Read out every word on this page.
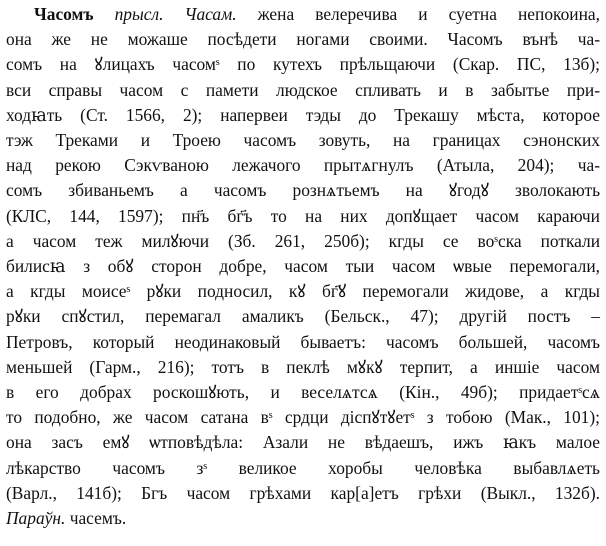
Часомъ прысл. Часам. жена велеречива и суетна непокоина,
она же не можаше посѣдети ногами своими. Часомъ вънѣ ча-
сомъ на ꙋлицахъ часомˢ по кутехъ прѣльщаючи (Скар. ПС, 13б);
вси справы часом с памети людское спливать и в забытье при-
ходꙗть (Ст. 1566, 2); напервеи тэды до Трекашу мѣста, которое
тэж Треками и Троею часомъ зовуть, на границах сэнонских
над рекою Сэкѵваною лежачого прытѧгнулъ (Атыла, 204); ча-
сомъ збиваньемъ а часомъ рознѧтьемъ на ꙋгодꙋ зволокають
(КЛС, 144, 1597); пн҃ъ бг҃ъ то на них допꙋщает часом караючи
а часом теж милꙋючи (Зб. 261, 250б); кгды се воˢска поткали
билисꙗ з обꙋ сторон добре, часом тыи часом ѡвые перемогали,
а кгды моисеˢ рꙋки подносил, кꙋ бг҃ꙋ перемогали жидове, а кгды
рꙋки спꙋстил, перемагал амаликъ (Бельск., 47); другій постъ –
Петровъ, который неодинаковый бываетъ: часомъ большей, часомъ
меньшей (Гарм., 216); тотъ в пеклѣ мꙋкꙋ терпит, а иншіе часом
в его добрах роскошꙋють, и веселѧтсѧ (Кін., 49б); придаетˢсѧ
то подобно, же часом сатана вˢ срдци діспꙋтꙋетˢ з тобою (Мак., 101);
она засъ емꙋ ѡтповѣдѣла: Азали не вѣдаешъ, ижъ ꙗкъ малое
лѣкарство часомъ зˢ великое хоробы человѣка выбавлѧеть
(Варл., 141б); Бгъ часом грѣхами кар[а]етъ грѣхи (Выкл., 132б).
Параўн. часемъ.
